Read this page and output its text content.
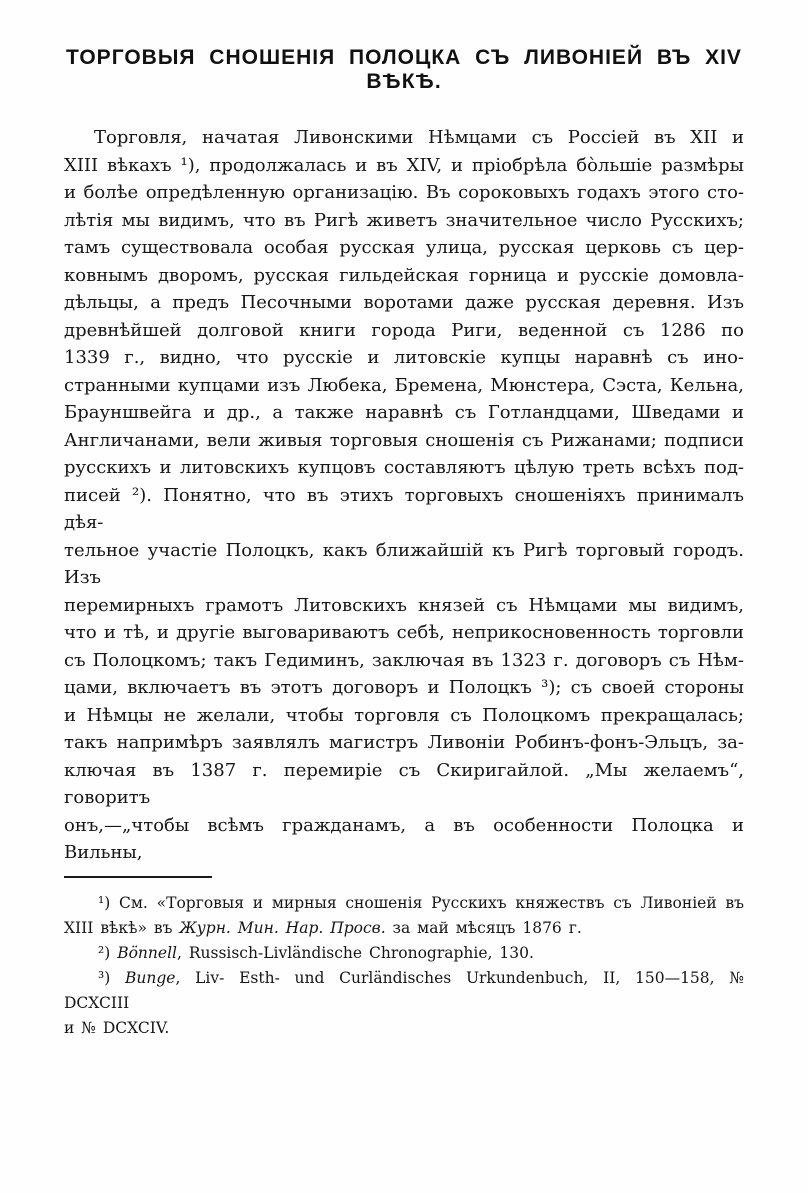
ТОРГОВЫЯ СНОШЕНІЯ ПОЛОЦКА СЪ ЛИВОНІЕЙ ВЪ XIV ВѢКѢ.
Торговля, начатая Ливонскими Нѣмцами съ Россіей въ XII и
XIII вѣкахъ ¹), продолжалась и въ XIV, и пріобрѣла бо̀льшіе размѣры
и болѣе опредѣленную организацію. Въ сороковыхъ годахъ этого сто-
лѣтія мы видимъ, что въ Ригѣ живетъ значительное число Русскихъ;
тамъ существовала особая русская улица, русская церковь съ цер-
ковнымъ дворомъ, русская гильдейская горница и русскіе домовла-
дѣльцы, а предъ Песочными воротами даже русская деревня. Изъ
древнѣйшей долговой книги города Риги, веденной съ 1286 по
1339 г., видно, что русскіе и литовскіе купцы наравнѣ съ ино-
странными купцами изъ Любека, Бремена, Мюнстера, Сэста, Кельна,
Брауншвейга и др., а также наравнѣ съ Готландцами, Шведами и
Англичанами, вели живыя торговыя сношенія съ Рижанами; подписи
русскихъ и литовскихъ купцовъ составляютъ цѣлую треть всѣхъ под-
писей ²). Понятно, что въ этихъ торговыхъ сношеніяхъ принималъ дѣя-
тельное участіе Полоцкъ, какъ ближайшій къ Ригѣ торговый городъ. Изъ
перемирныхъ грамотъ Литовскихъ князей съ Нѣмцами мы видимъ,
что и тѣ, и другіе выговариваютъ себѣ, неприкосновенность торговли
съ Полоцкомъ; такъ Гедиминъ, заключая въ 1323 г. договоръ съ Нѣм-
цами, включаетъ въ этотъ договоръ и Полоцкъ ³); съ своей стороны
и Нѣмцы не желали, чтобы торговля съ Полоцкомъ прекращалась;
такъ напримѣръ заявлялъ магистръ Ливоніи Робинъ-фонъ-Эльцъ, за-
ключая въ 1387 г. перемиріе съ Скиригайлой. „Мы желаемъ“, говоритъ
онъ,—„чтобы всѣмъ гражданамъ, а въ особенности Полоцка и Вильны,
¹) См. «Торговыя и мирныя сношенія Русскихъ княжествъ съ Ливоніей въ
XIII вѣкѣ» въ Журн. Мин. Нар. Просв. за май мѣсяцъ 1876 г.
²) Bönnell, Russisch-Livländische Chronographie, 130.
³) Bunge, Liv- Esth- und Curländisches Urkundenbuch, II, 150—158, № DCXCIII
и № DCXCIV.
